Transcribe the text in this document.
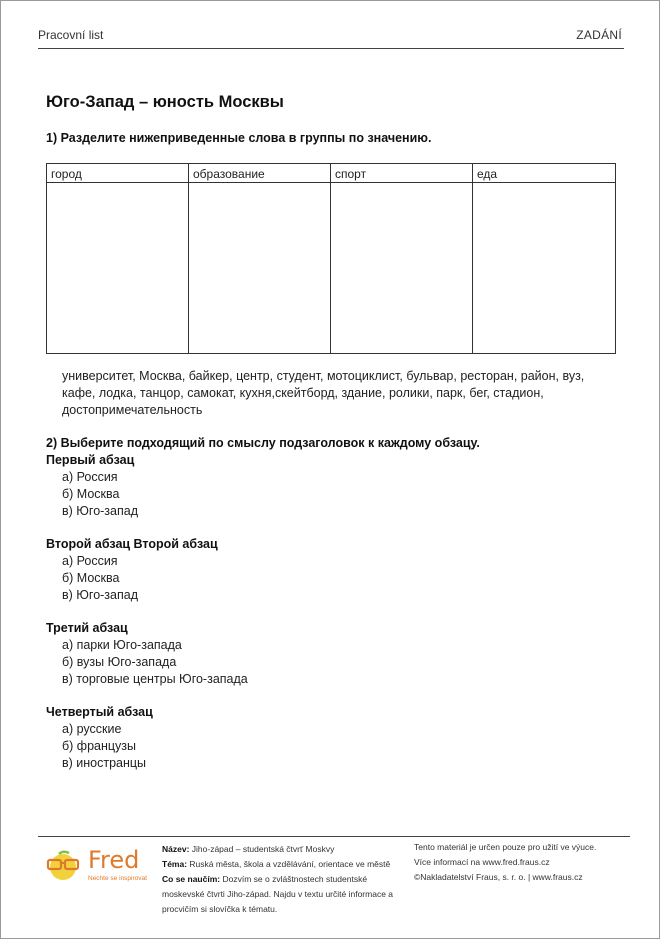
Pracovní list	ZADÁNÍ
Юго-Запад – юность Москвы
1) Разделите нижеприведенные слова в группы по значению.
город	образование	спорт	еда
университет, Москва, байкер, центр, студент, мотоциклист, бульвар, ресторан, район, вуз, кафе, лодка, танцор, самокат, кухня,скейтборд, здание, ролики, парк, бег, стадион, достопримечательность
2) Выберите подходящий по смыслу подзаголовок к каждому обзацу.
Первый абзац
а) Россия
б) Москва
в) Юго-запад
Второй абзац Второй абзац
а) Россия
б) Москва
в) Юго-запад
Третий абзац
а) парки Юго-запада
б) вузы Юго-запада
в) торговые центры Юго-запада
Четвертый абзац
а) русские
б) французы
в) иностранцы
Fred
Nechte se inspirovat
Název: Jiho-západ – studentská čtvrť Moskvy
Téma: Ruská města, škola a vzdělávání, orientace ve městě
Co se naučím: Dozvím se o zvláštnostech studentské moskevské čtvrti Jiho-západ. Najdu v textu určité informace a procvičím si slovíčka k tématu.
Tento materiál je určen pouze pro užití ve výuce.
Více informací na www.fred.fraus.cz
©Nakladatelství Fraus, s. r. o. | www.fraus.cz
